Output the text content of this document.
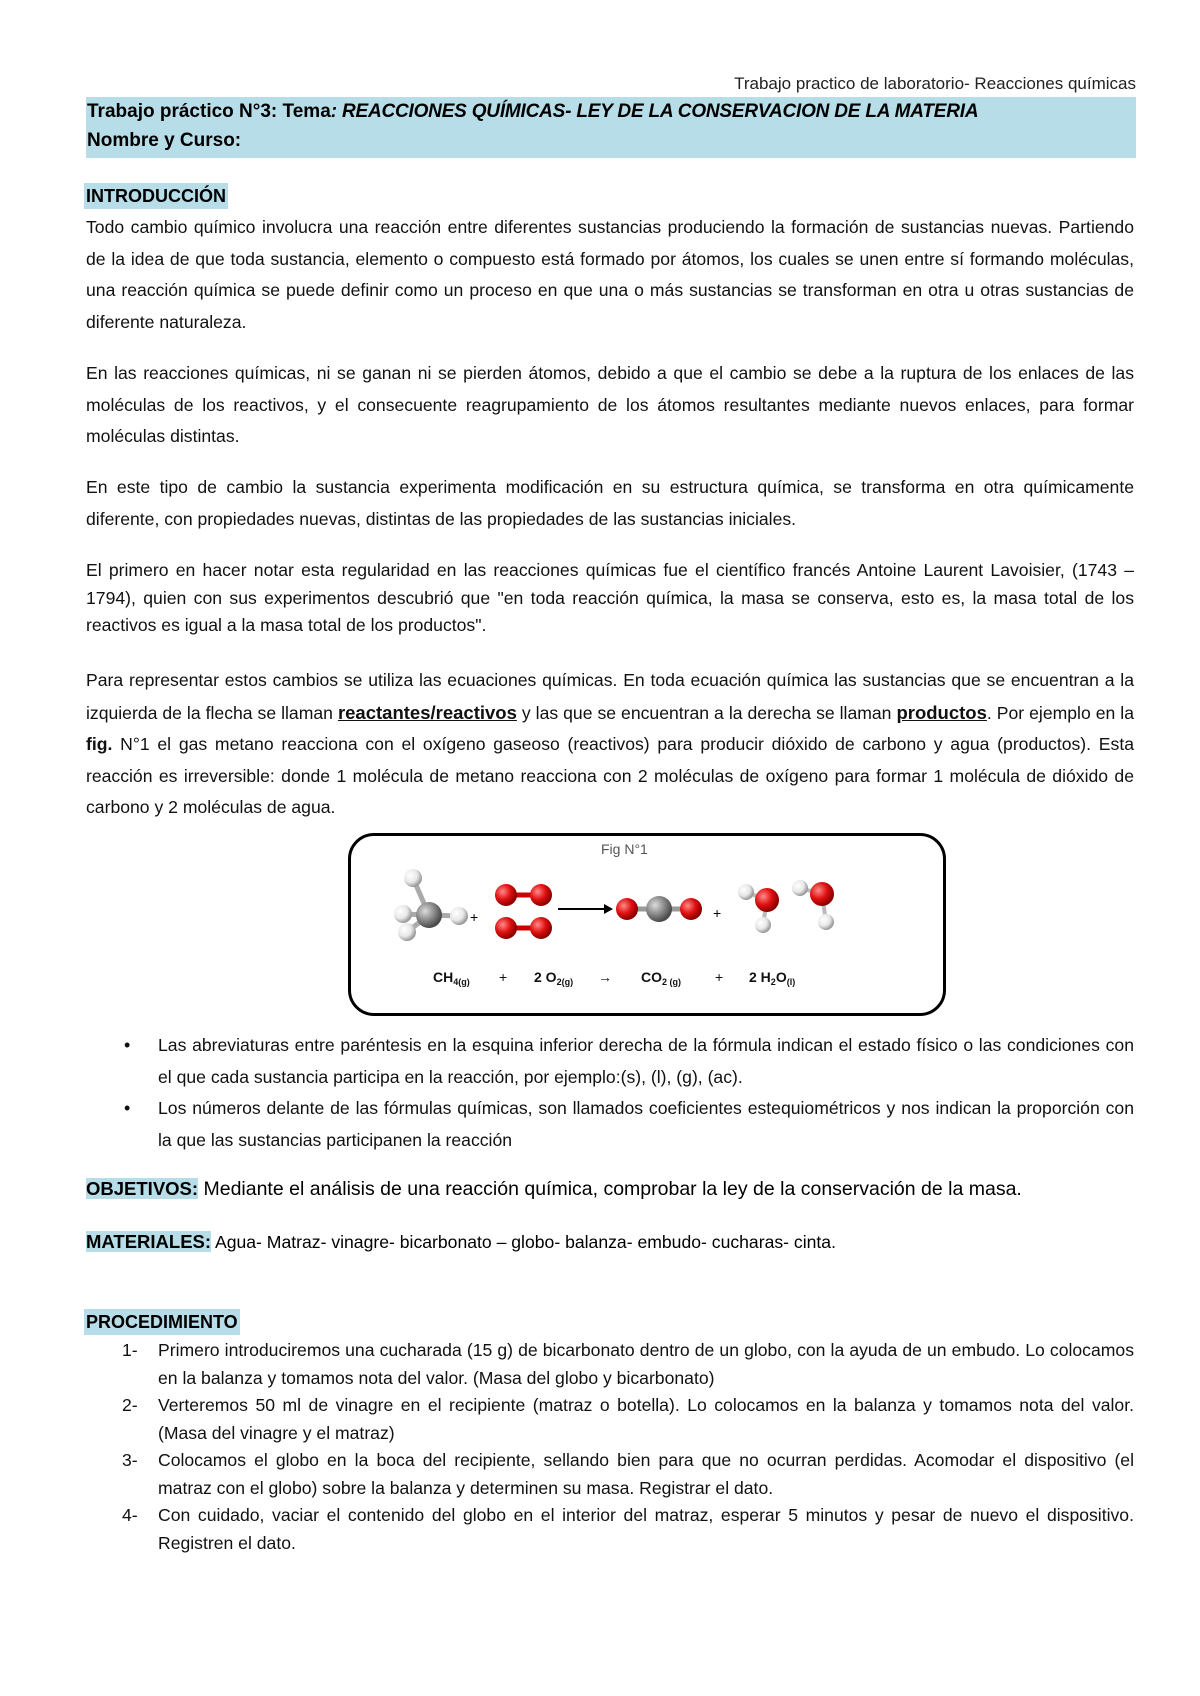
Trabajo practico de laboratorio- Reacciones químicas
Trabajo práctico N°3: Tema: REACCIONES QUÍMICAS- LEY DE LA CONSERVACION DE LA MATERIA
Nombre y Curso:
INTRODUCCIÓN
Todo cambio químico involucra una reacción entre diferentes sustancias produciendo la formación de sustancias nuevas. Partiendo de la idea de que toda sustancia, elemento o compuesto está formado por átomos, los cuales se unen entre sí formando moléculas, una reacción química se puede definir como un proceso en que una o más sustancias se transforman en otra u otras sustancias de diferente naturaleza.
En las reacciones químicas, ni se ganan ni se pierden átomos, debido a que el cambio se debe a la ruptura de los enlaces de las moléculas de los reactivos, y el consecuente reagrupamiento de los átomos resultantes mediante nuevos enlaces, para formar moléculas distintas.
En este tipo de cambio la sustancia experimenta modificación en su estructura química, se transforma en otra químicamente diferente, con propiedades nuevas, distintas de las propiedades de las sustancias iniciales.
El primero en hacer notar esta regularidad en las reacciones químicas fue el científico francés Antoine Laurent Lavoisier, (1743 – 1794), quien con sus experimentos descubrió que "en toda reacción química, la masa se conserva, esto es, la masa total de los reactivos es igual a la masa total de los productos".
Para representar estos cambios se utiliza las ecuaciones químicas. En toda ecuación química las sustancias que se encuentran a la izquierda de la flecha se llaman reactantes/reactivos y las que se encuentran a la derecha se llaman productos. Por ejemplo en la fig. N°1 el gas metano reacciona con el oxígeno gaseoso (reactivos) para producir dióxido de carbono y agua (productos). Esta reacción es irreversible: donde 1 molécula de metano reacciona con 2 moléculas de oxígeno para formar 1 molécula de dióxido de carbono y 2 moléculas de agua.
Fig N°1
+	+
$CH_{4(g)} + 2$ $O_{2(g)} \to CO_{2 (g)} + 2$ $H_2O_{(l)}$
• Las abreviaturas entre paréntesis en la esquina inferior derecha de la fórmula indican el estado físico o las condiciones con el que cada sustancia participa en la reacción, por ejemplo:(s), (l), (g), (ac).
• Los números delante de las fórmulas químicas, son llamados coeficientes estequiométricos y nos indican la proporción con la que las sustancias participanen la reacción
OBJETIVOS: Mediante el análisis de una reacción química, comprobar la ley de la conservación de la masa.
MATERIALES: Agua- Matraz- vinagre- bicarbonato – globo- balanza- embudo- cucharas- cinta.
PROCEDIMIENTO
1- Primero introduciremos una cucharada (15 g) de bicarbonato dentro de un globo, con la ayuda de un embudo. Lo colocamos en la balanza y tomamos nota del valor. (Masa del globo y bicarbonato)
2- Verteremos 50 ml de vinagre en el recipiente (matraz o botella). Lo colocamos en la balanza y tomamos nota del valor. (Masa del vinagre y el matraz)
3- Colocamos el globo en la boca del recipiente, sellando bien para que no ocurran perdidas. Acomodar el dispositivo (el matraz con el globo) sobre la balanza y determinen su masa. Registrar el dato.
4- Con cuidado, vaciar el contenido del globo en el interior del matraz, esperar 5 minutos y pesar de nuevo el dispositivo. Registren el dato.
